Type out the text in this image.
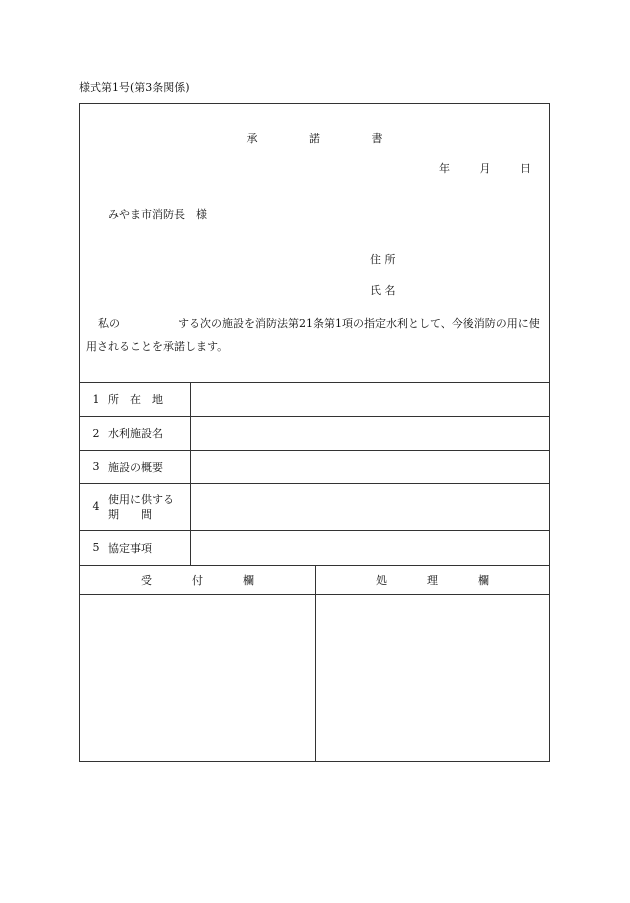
様式第1号(第3条関係)
承 諾 書
年	月	日
みやま市消防長　様
住 所
氏 名
私の	する次の施設を消防法第21条第1項の指定水利として、今後消防の用に使用されることを承諾します。
1 所　在　地
2 水利施設名
3 施設の概要
4
使用に供する
期　　間
5 協定事項
受付欄	処理欄
